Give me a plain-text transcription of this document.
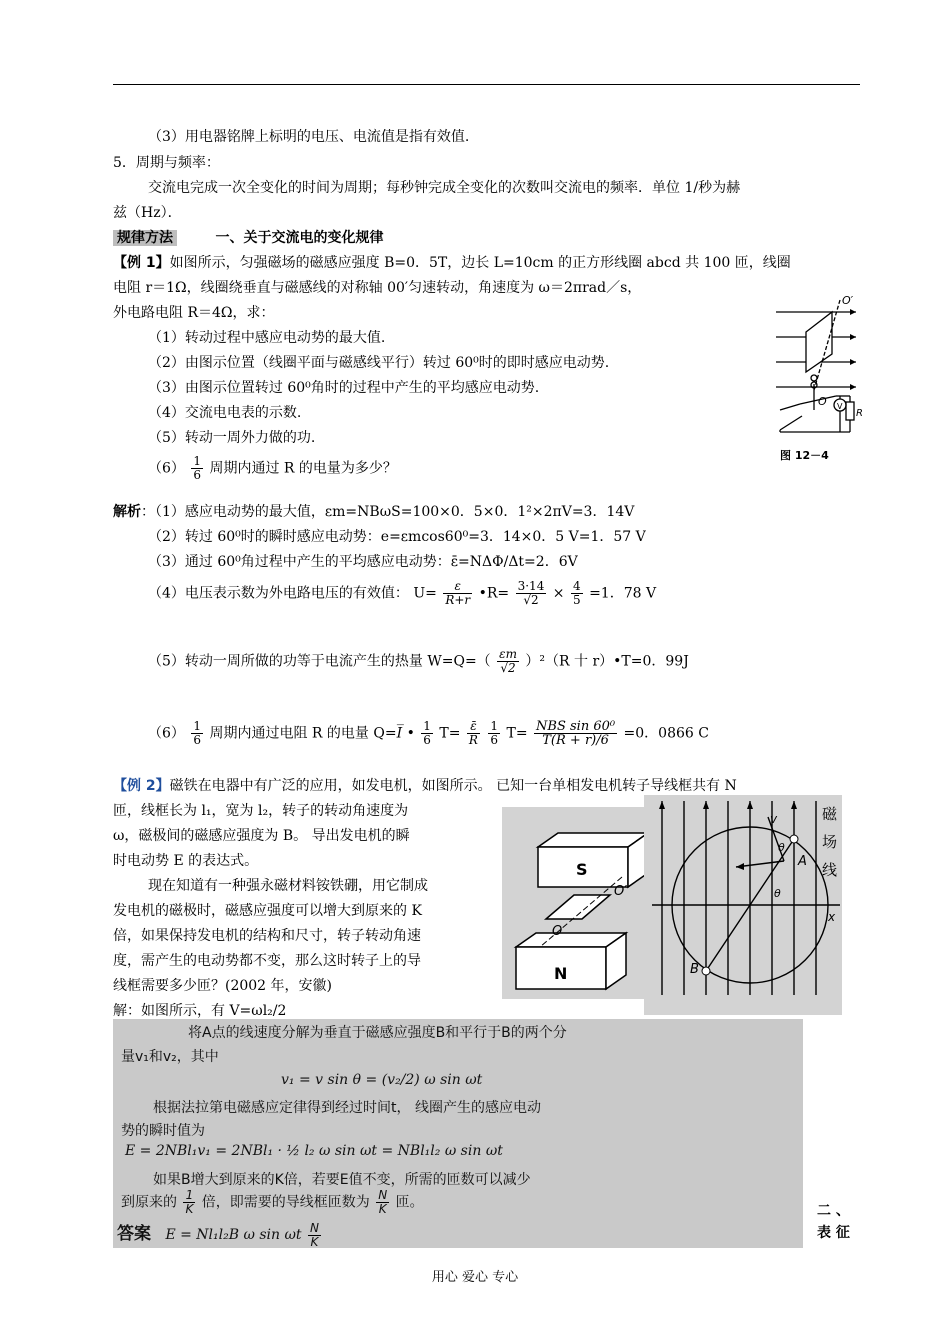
（3）用电器铭牌上标明的电压、电流值是指有效值.
5．周期与频率：
交流电完成一次全变化的时间为周期；每秒钟完成全变化的次数叫交流电的频率．单位 1/秒为赫
兹（Hz）．
规律方法	一、关于交流电的变化规律
【例 1】如图所示，匀强磁场的磁感应强度 B=0．5T，边长 L=10cm 的正方形线圈 abcd 共 100 匝，线圈
电阻 r＝1Ω，线圈绕垂直与磁感线的对称轴 00′匀速转动，角速度为 ω＝2πrad／s，
外电路电阻 R＝4Ω，求：
（1）转动过程中感应电动势的最大值.
（2）由图示位置（线圈平面与磁感线平行）转过 60⁰时的即时感应电动势.
（3）由图示位置转过 60⁰角时的过程中产生的平均感应电动势.
（4）交流电电表的示数.
（5）转动一周外力做的功.
$(6) \frac{1}{6}$ 周期内通过 R 的电量为多少？
O′
O V
R
图 12－4
解析：（1）感应电动势的最大值，εm=NBωS=100×0．5×0．1²×2πV=3．14V
（2）转过 60⁰时的瞬时感应电动势：e=εmcos60⁰=3．14×0．5 V=1．57 V
（3）通过 60⁰角过程中产生的平均感应电动势：ε̄=NΔΦ/Δt=2．6V
（4）电压表示数为外电路电压的有效值： $U= \frac{\varepsilon}{R+r}$ •R= $\frac{3\cdot 14}{√2} \times \frac{4}{5} =1$．78 V
（5）转动一周所做的功等于电流产生的热量 $W=Q=( \frac{\varepsilon m}{√2} )^2(R$ 十 r）•T=0．99J
$(6) \frac{1}{6}$ 周期内通过电阻 R 的电量 Q=I̅ • $\frac{1}{6} T= \frac{\varepsilon̄}{R}$
$\frac{1}{6} T= \frac{\text{NBS sin 60⁰}}{T(R + r)/6} =0$．0866 C
【例 2】磁铁在电器中有广泛的应用，如发电机，如图所示。 已知一台单相发电机转子导线框共有 N
匝，线框长为 l₁，宽为 l₂，转子的转动角速度为
ω，磁极间的磁感应强度为 B。 导出发电机的瞬
时电动势 E 的表达式。
现在知道有一种强永磁材料铵铁硼，用它制成
发电机的磁极时，磁感应强度可以增大到原来的 K
倍，如果保持发电机的结构和尺寸，转子转动角速
度，需产生的电动势都不变，那么这时转子上的导
线框需要多少匝？(2002 年，安徽)
解：如图所示，有 V=ωl₂/2
S
N
O′
O
A
B
v
θ
θ
x
磁
场
线
将A点的线速度分解为垂直于磁感应强度B和平行于B的两个分
量v₁和v₂，其中
v₁ = v sin θ = (v₂/2) ω sin ωt
根据法拉第电磁感应定律得到经过时间t， 线圈产生的感应电动
势的瞬时值为
E = 2NBl₁v₁ = 2NBl₁ · ½ l₂ ω sin ωt = NBl₁l₂ ω sin ωt
如果B增大到原来的K倍，若要E值不变，所需的匝数可以减少
到原来的 $\frac{1}{K}$ 倍，即需要的导线框匝数为 $\frac{N}{K}$ 匝。
答案 E = Nl₁l₂B ω sin ωt $\frac{N}{K}$
二 、
表 征
用心 爱心 专心
